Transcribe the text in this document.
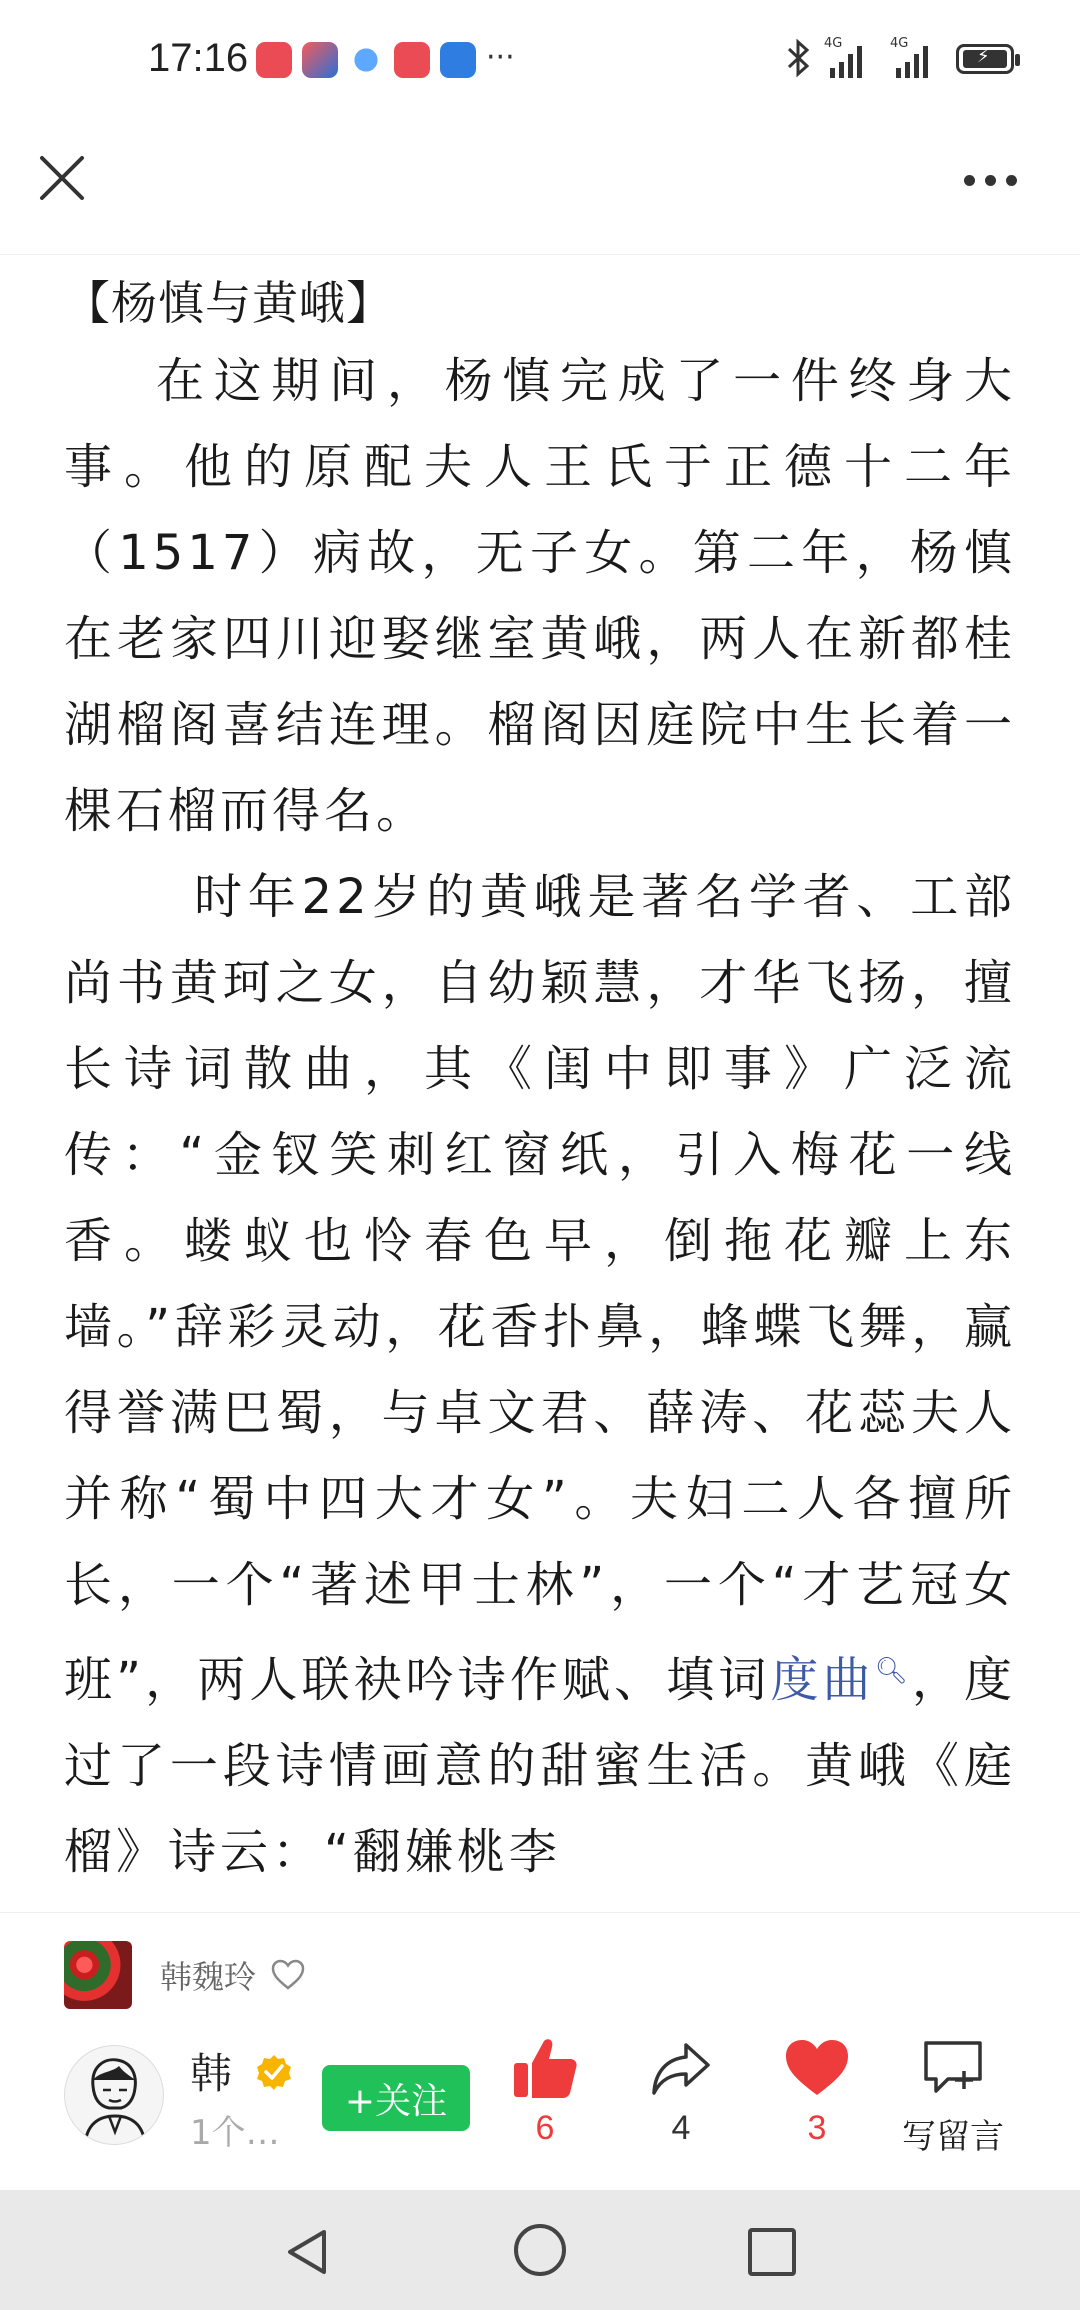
17:16	···	4G	4G
⚡
【杨慎与黄峨】

在这期间，杨慎完成了一件终身大事。他的原配夫人王氏于正德十二年（1517）病故，无子女。第二年，杨慎在老家四川迎娶继室黄峨，两人在新都桂湖榴阁喜结连理。榴阁因庭院中生长着一棵石榴而得名。

时年22岁的黄峨是著名学者、工部尚书黄珂之女，自幼颖慧，才华飞扬，擅长诗词散曲，其《闺中即事》广泛流传：“金钗笑刺红窗纸，引入梅花一线香。蝼蚁也怜春色早，倒拖花瓣上东墙。”辞彩灵动，花香扑鼻，蜂蝶飞舞，赢得誉满巴蜀，与卓文君、薛涛、花蕊夫人并称“蜀中四大才女”。夫妇二人各擅所长，一个“著述甲士林”，一个“才艺冠女班”，两人联袂吟诗作赋、填词度曲🔍︎，度过了一段诗情画意的甜蜜生活。黄峨《庭榴》诗云：“翻嫌桃李

韩魏玲
韩
1个…
+关注
6	4	3	写留言
